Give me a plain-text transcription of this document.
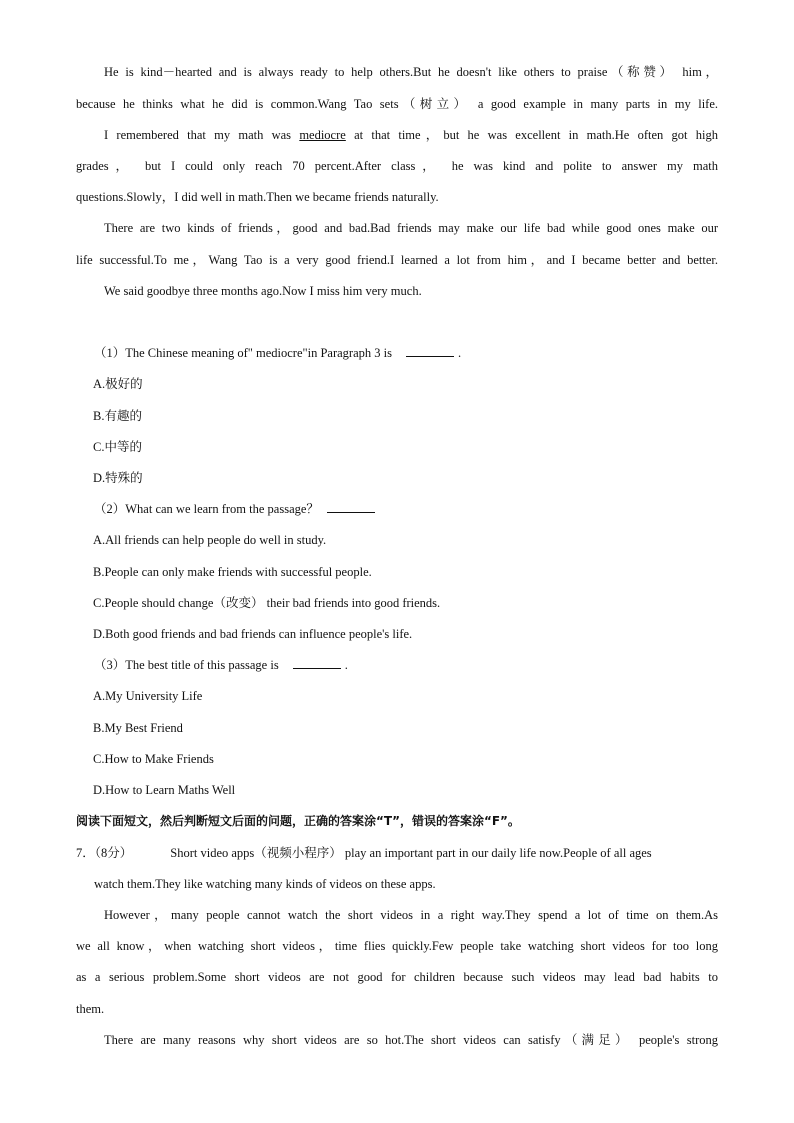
He is kind－hearted and is always ready to help others.But he doesn't like others to praise（称赞） him，
because he thinks what he did is common.Wang Tao sets（树立） a good example in many parts in my life.
I remembered that my math was mediocre at that time，but he was excellent in math.He often got high
grades， but I could only reach 70 percent.After class， he was kind and polite to answer my math
questions.Slowly，I did well in math.Then we became friends naturally.
There are two kinds of friends，good and bad.Bad friends may make our life bad while good ones make our
life successful.To me，Wang Tao is a very good friend.I learned a lot from him，and I became better and better.
We said goodbye three months ago.Now I miss him very much.
（1）The Chinese meaning of" mediocre"in Paragraph 3 is	.
A.极好的
B.有趣的
C.中等的
D.特殊的
（2）What can we learn from the passage？
A.All friends can help people do well in study.
B.People can only make friends with successful people.
C.People should change（改变） their bad friends into good friends.
D.Both good friends and bad friends can influence people's life.
（3）The best title of this passage is	.
A.My University Life
B.My Best Friend
C.How to Make Friends
D.How to Learn Maths Well
阅读下面短文，然后判断短文后面的问题，正确的答案涂“T”，错误的答案涂“F”。
7．（8分）	Short video apps（视频小程序） play an important part in our daily life now.People of all ages
watch them.They like watching many kinds of videos on these apps.
However，many people cannot watch the short videos in a right way.They spend a lot of time on them.As
we all know，when watching short videos，time flies quickly.Few people take watching short videos for too long
as a serious problem.Some short videos are not good for children because such videos may lead bad habits to
them.
There are many reasons why short videos are so hot.The short videos can satisfy（满足） people's strong
